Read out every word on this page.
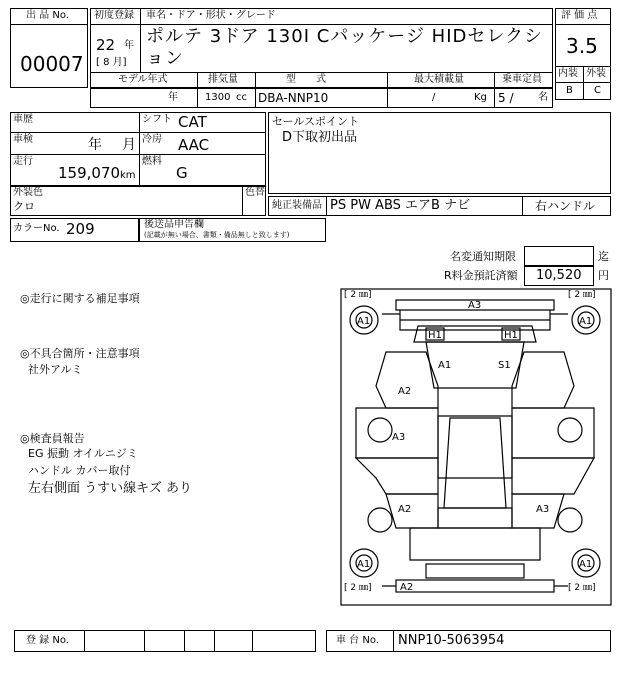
出 品 No.
00007
初度登録
22 年
[ 8 月]
車名・ドア・形状・グレード
ポルテ 3ドア 130I Cパッケージ HIDセレクション
モデル年式	排気量	型　　式	最大積載量	乗車定員
年	1300 cc DBA-NNP10	/	Kg 5 / 名
評 価 点
3.5
内装 外装
B C
車歴
車検	年 月
走行
159,070 km
シフト CAT
冷房 AAC
燃料
G
セールスポイント
D下取初出品
外装色
クロ
色替
純正装備品 PS PW ABS エアB ナビ	右ハンドル
カラーNo. 209	後送品申告欄
(記載が無い場合、書類・備品無しと致します)
名変通知期限	迄
R料金預託済額 10,520 円
◎走行に関する補足事項
◎不具合箇所・注意事項
社外アルミ
◎検査員報告
EG 振動 オイルニジミ
ハンドル カバー取付
左右側面 うすい線キズ あり
[ 2 ㎜]	[ 2 ㎜]
[ 2 ㎜]	[ 2 ㎜]
A3
H1	H1
A1	A1
A1	S1
A2
A3
A2	A3
A1	A1
A2
登 録 No.	車 台 No. NNP10-5063954
